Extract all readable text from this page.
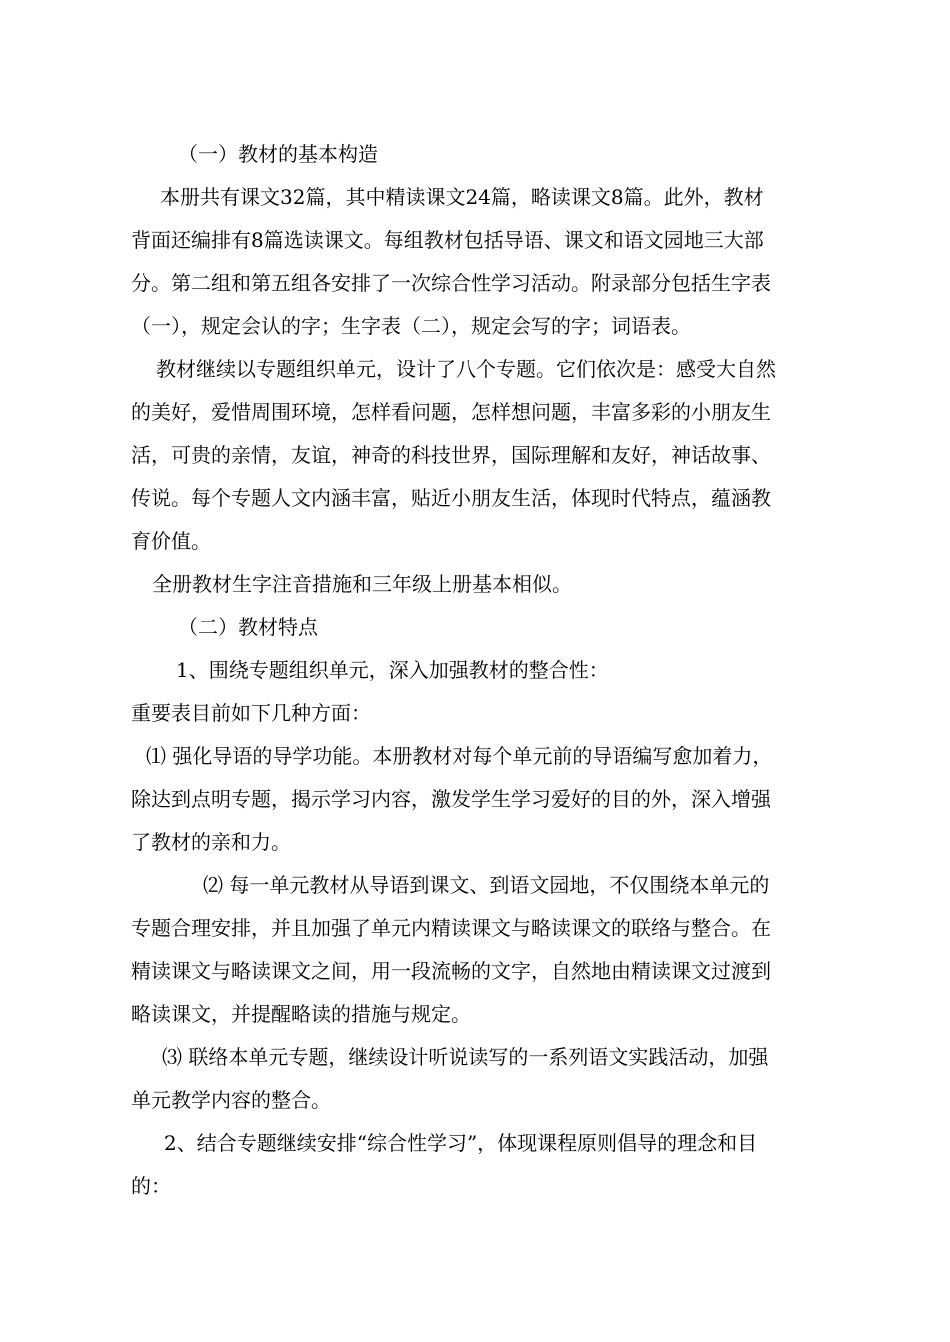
（一）教材的基本构造
本册共有课文32篇，其中精读课文24篇，略读课文8篇。此外，教材
背面还编排有8篇选读课文。每组教材包括导语、课文和语文园地三大部
分。第二组和第五组各安排了一次综合性学习活动。附录部分包括生字表
（一），规定会认的字；生字表（二），规定会写的字；词语表。
教材继续以专题组织单元，设计了八个专题。它们依次是：感受大自然
的美好，爱惜周围环境，怎样看问题，怎样想问题，丰富多彩的小朋友生
活，可贵的亲情，友谊，神奇的科技世界，国际理解和友好，神话故事、
传说。每个专题人文内涵丰富，贴近小朋友生活，体现时代特点，蕴涵教
育价值。
全册教材生字注音措施和三年级上册基本相似。
（二）教材特点
1、围绕专题组织单元，深入加强教材的整合性：
重要表目前如下几种方面：
⑴ 强化导语的导学功能。本册教材对每个单元前的导语编写愈加着力，
除达到点明专题，揭示学习内容，激发学生学习爱好的目的外，深入增强
了教材的亲和力。
⑵ 每一单元教材从导语到课文、到语文园地，不仅围绕本单元的
专题合理安排，并且加强了单元内精读课文与略读课文的联络与整合。在
精读课文与略读课文之间，用一段流畅的文字，自然地由精读课文过渡到
略读课文，并提醒略读的措施与规定。
⑶ 联络本单元专题，继续设计听说读写的一系列语文实践活动，加强
单元教学内容的整合。
2、结合专题继续安排“综合性学习”，体现课程原则倡导的理念和目
的：
